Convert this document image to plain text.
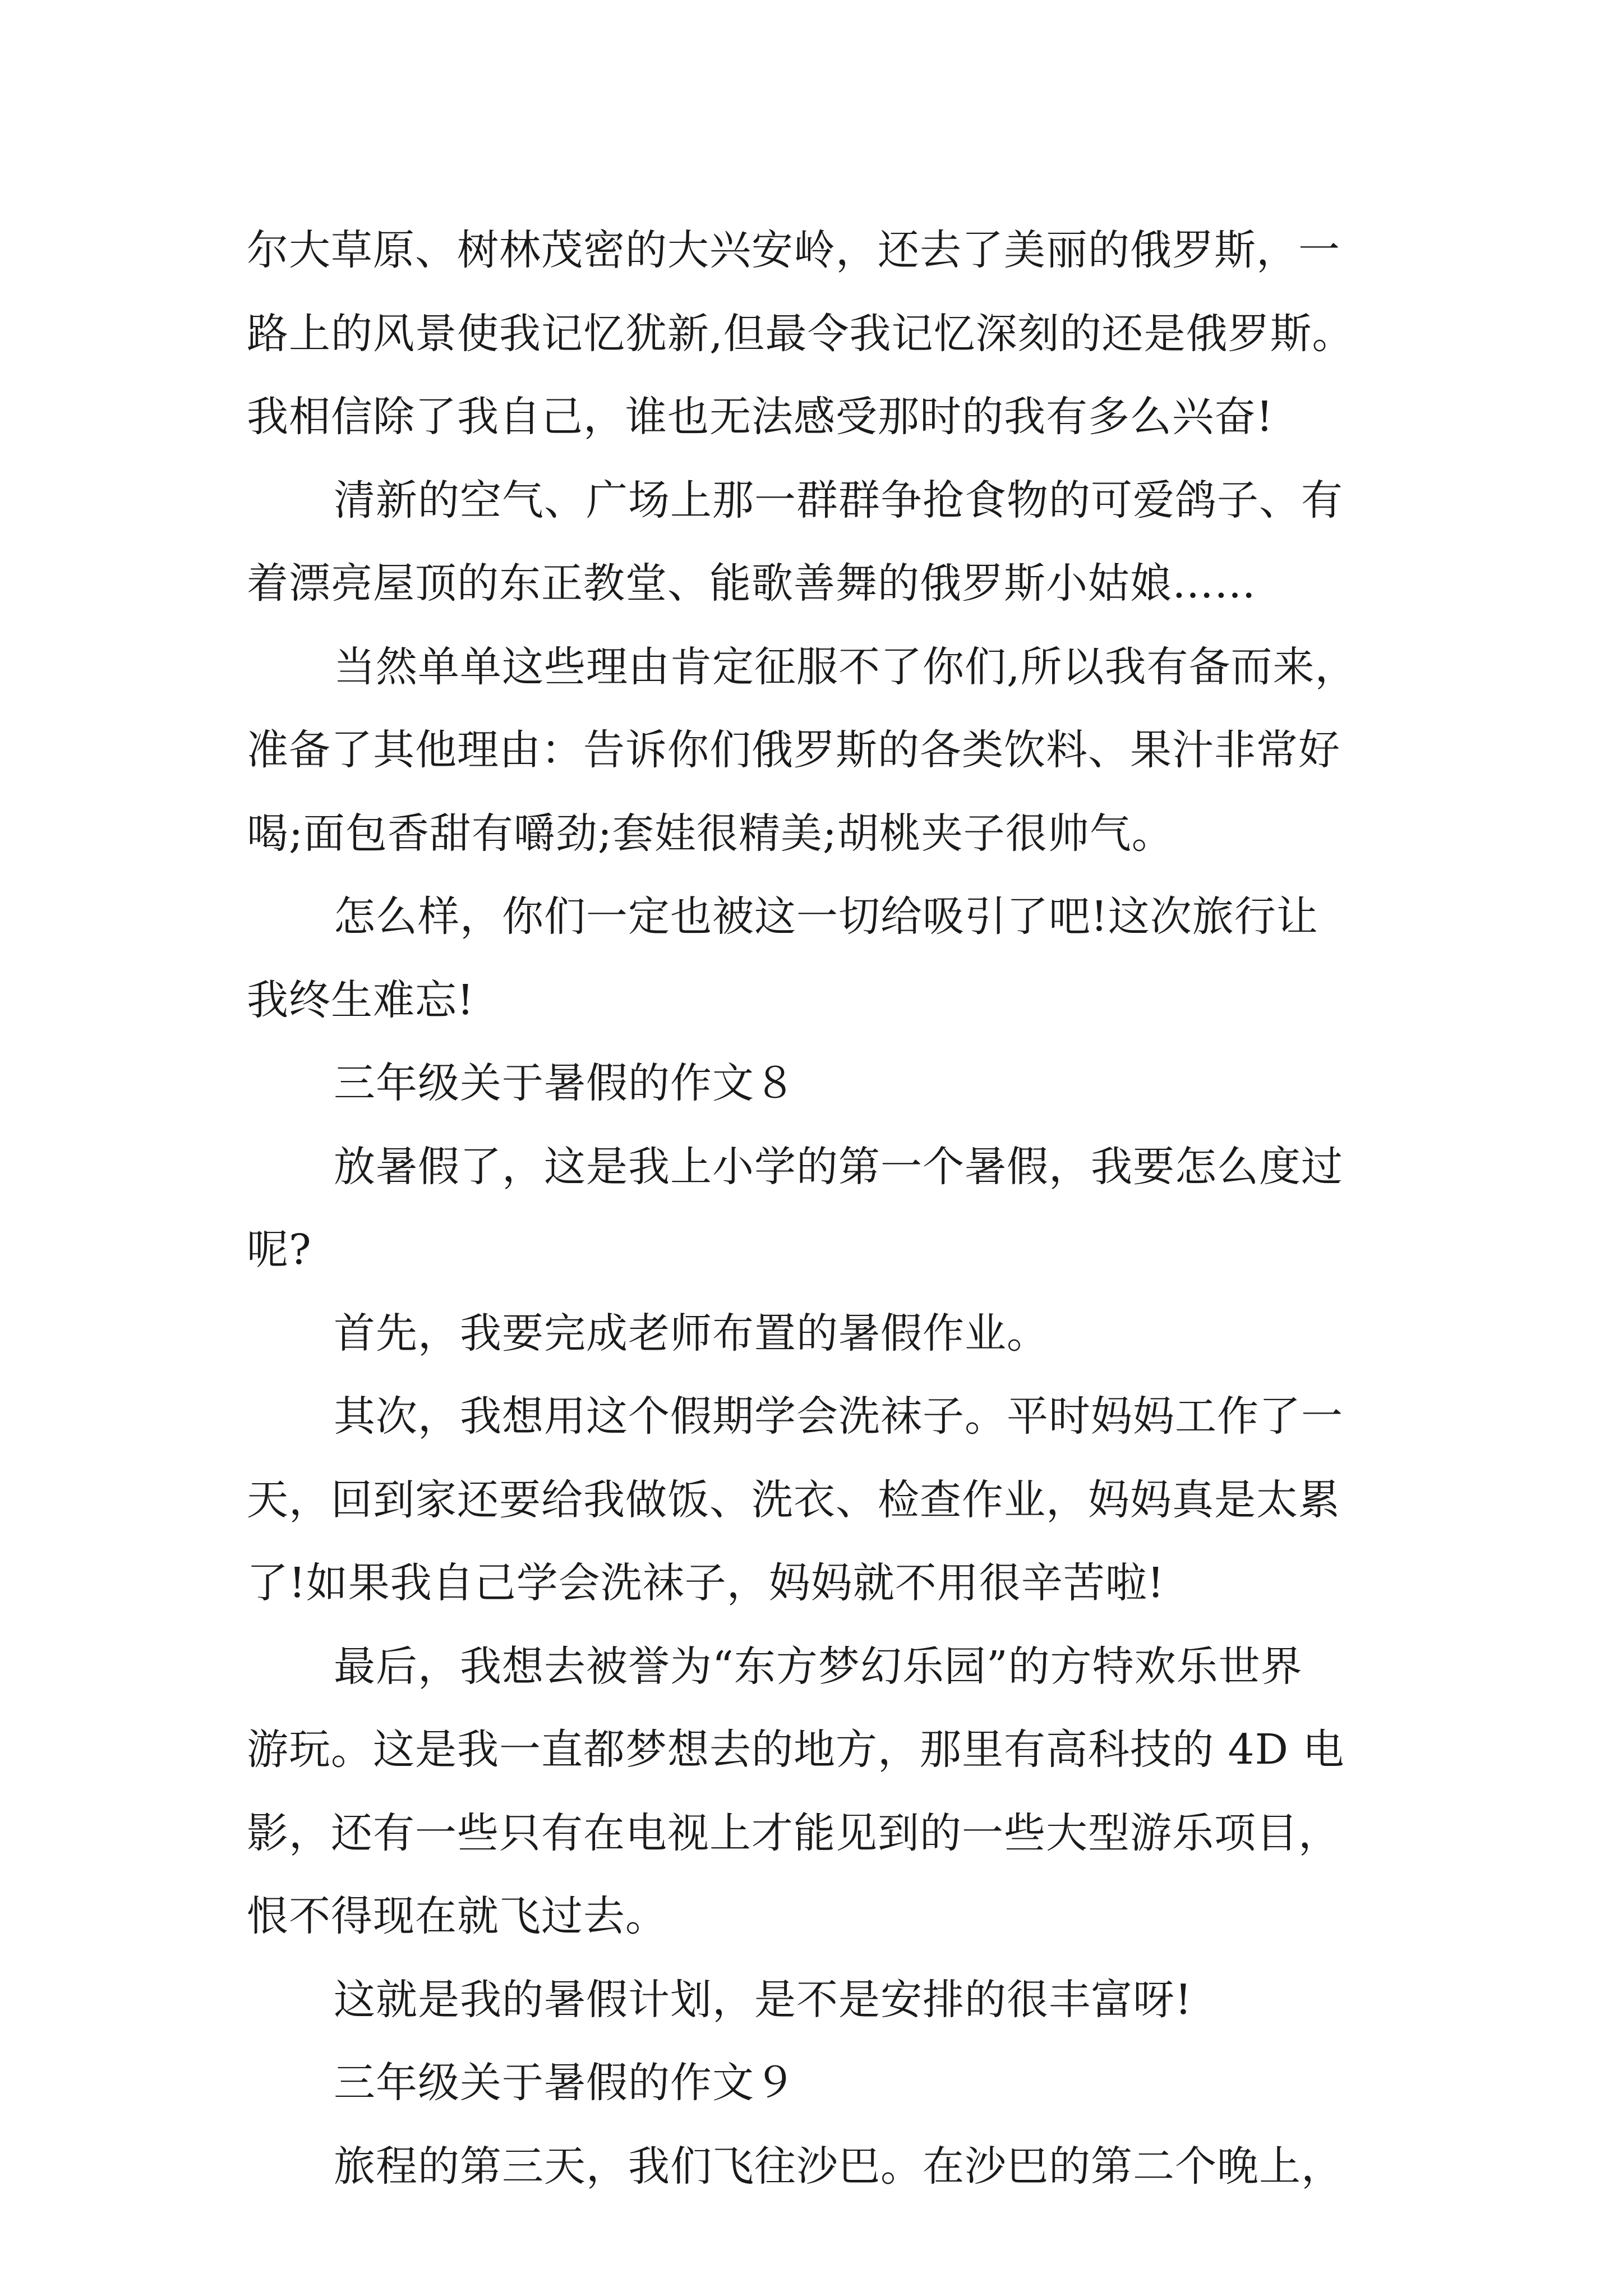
尔大草原、树林茂密的大兴安岭，还去了美丽的俄罗斯，一
路上的风景使我记忆犹新,但最令我记忆深刻的还是俄罗斯。
我相信除了我自己，谁也无法感受那时的我有多么兴奋!
清新的空气、广场上那一群群争抢食物的可爱鸽子、有
着漂亮屋顶的东正教堂、能歌善舞的俄罗斯小姑娘……
当然单单这些理由肯定征服不了你们,所以我有备而来，
准备了其他理由：告诉你们俄罗斯的各类饮料、果汁非常好
喝;面包香甜有嚼劲;套娃很精美;胡桃夹子很帅气。
怎么样，你们一定也被这一切给吸引了吧!这次旅行让
我终生难忘!
三年级关于暑假的作文８
放暑假了，这是我上小学的第一个暑假，我要怎么度过
呢?
首先，我要完成老师布置的暑假作业。
其次，我想用这个假期学会洗袜子。平时妈妈工作了一
天，回到家还要给我做饭、洗衣、检查作业，妈妈真是太累
了!如果我自己学会洗袜子，妈妈就不用很辛苦啦!
最后，我想去被誉为“东方梦幻乐园”的方特欢乐世界
游玩。这是我一直都梦想去的地方，那里有高科技的 4D 电
影，还有一些只有在电视上才能见到的一些大型游乐项目，
恨不得现在就飞过去。
这就是我的暑假计划，是不是安排的很丰富呀!
三年级关于暑假的作文９
旅程的第三天，我们飞往沙巴。在沙巴的第二个晚上，
